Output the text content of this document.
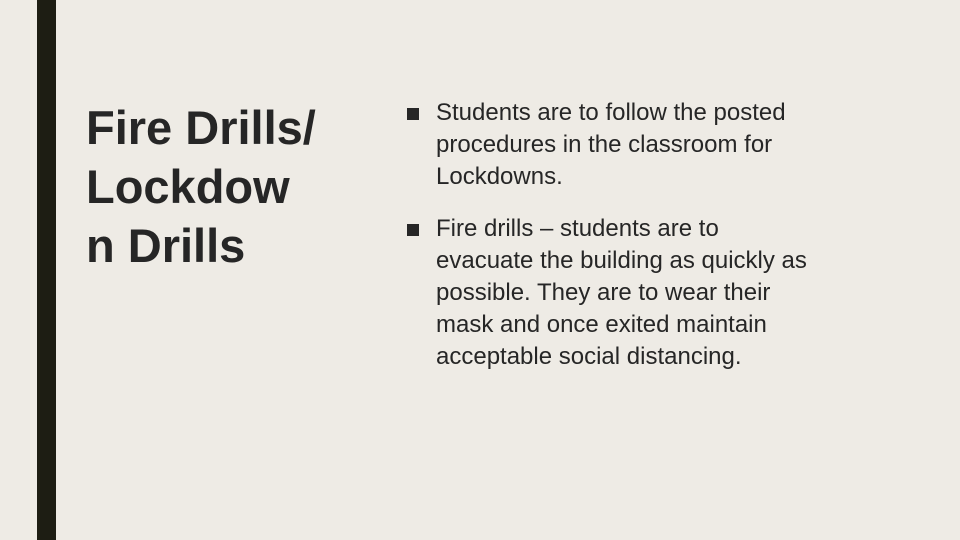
Fire Drills/
Lockdow
n Drills
Students are to follow the posted
procedures in the classroom for
Lockdowns.
Fire drills – students are to
evacuate the building as quickly as
possible. They are to wear their
mask and once exited maintain
acceptable social distancing.
